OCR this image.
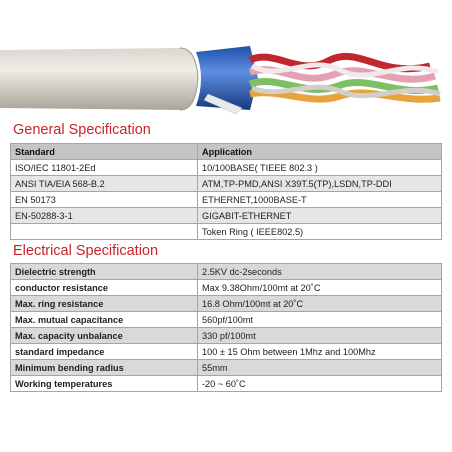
General Specification
Standard	Application
ISO/IEC 11801-2Ed	10/100BASE( TIEEE 802.3 )
ANSI TIA/EIA 568-B.2	ATM,TP-PMD,ANSI X39T.5(TP),LSDN,TP-DDI
EN 50173	ETHERNET,1000BASE-T
EN-50288-3-1	GIGABIT-ETHERNET
	Token Ring ( IEEE802.5)
Electrical Specification
Dielectric strength	2.5KV dc-2seconds
conductor resistance	Max 9.38Ohm/100mt at 20˚C
Max. ring resistance	16.8 Ohm/100mt at 20˚C
Max. mutual capacitance	560pf/100mt
Max. capacity unbalance	330 pf/100mt
standard impedance	100 ± 15 Ohm between 1Mhz and 100Mhz
Minimum bending radius	55mm
Working temperatures	-20 ~ 60˚C
